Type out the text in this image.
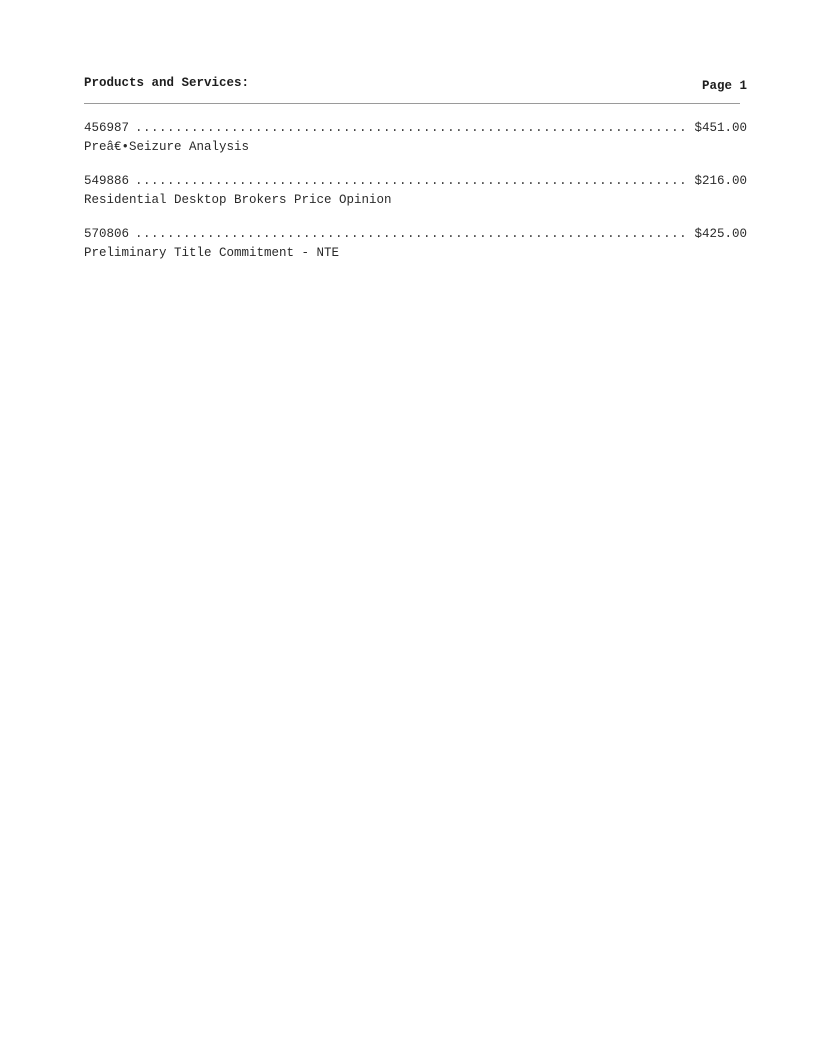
Products and Services:	Page 1
456987 .....	$451.00
Preâ€•Seizure Analysis
549886 .....	$216.00
Residential Desktop Brokers Price Opinion
570806 .....	$425.00
Preliminary Title Commitment - NTE
